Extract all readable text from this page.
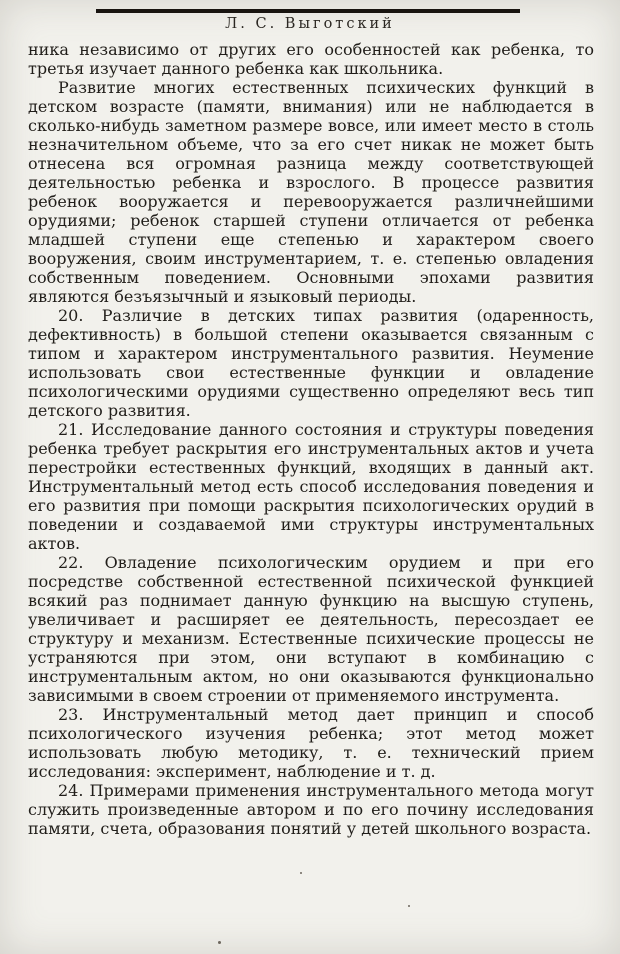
Л. С. Выготский

ника независимо от других его особенностей как ребенка, то третья изучает данного ребенка как школьника.

Развитие многих естественных психических функций в детском возрасте (памяти, внимания) или не наблюдается в сколько-нибудь заметном размере вовсе, или имеет место в столь незначительном объеме, что за его счет никак не может быть отнесена вся огромная разница между соответствующей деятельностью ребенка и взрослого. В процессе развития ребенок вооружается и перевооружается различнейшими орудиями; ребенок старшей ступени отличается от ребенка младшей ступени еще степенью и характером своего вооружения, своим инструментарием, т. е. степенью овладения собственным поведением. Основными эпохами развития являются безъязычный и языковый периоды.

20. Различие в детских типах развития (одаренность, дефективность) в большой степени оказывается связанным с типом и характером инструментального развития. Неумение использовать свои естественные функции и овладение психологическими орудиями существенно определяют весь тип детского развития.

21. Исследование данного состояния и структуры поведения ребенка требует раскрытия его инструментальных актов и учета перестройки естественных функций, входящих в данный акт. Инструментальный метод есть способ исследования поведения и его развития при помощи раскрытия психологических орудий в поведении и создаваемой ими структуры инструментальных актов.

22. Овладение психологическим орудием и при его посредстве собственной естественной психической функцией всякий раз поднимает данную функцию на высшую ступень, увеличивает и расширяет ее деятельность, пересоздает ее структуру и механизм. Естественные психические процессы не устраняются при этом, они вступают в комбинацию с инструментальным актом, но они оказываются функционально зависимыми в своем строении от применяемого инструмента.

23. Инструментальный метод дает принцип и способ психологического изучения ребенка; этот метод может использовать любую методику, т. е. технический прием исследования: эксперимент, наблюдение и т. д.

24. Примерами применения инструментального метода могут служить произведенные автором и по его почину исследования памяти, счета, образования понятий у детей школьного возраста.
